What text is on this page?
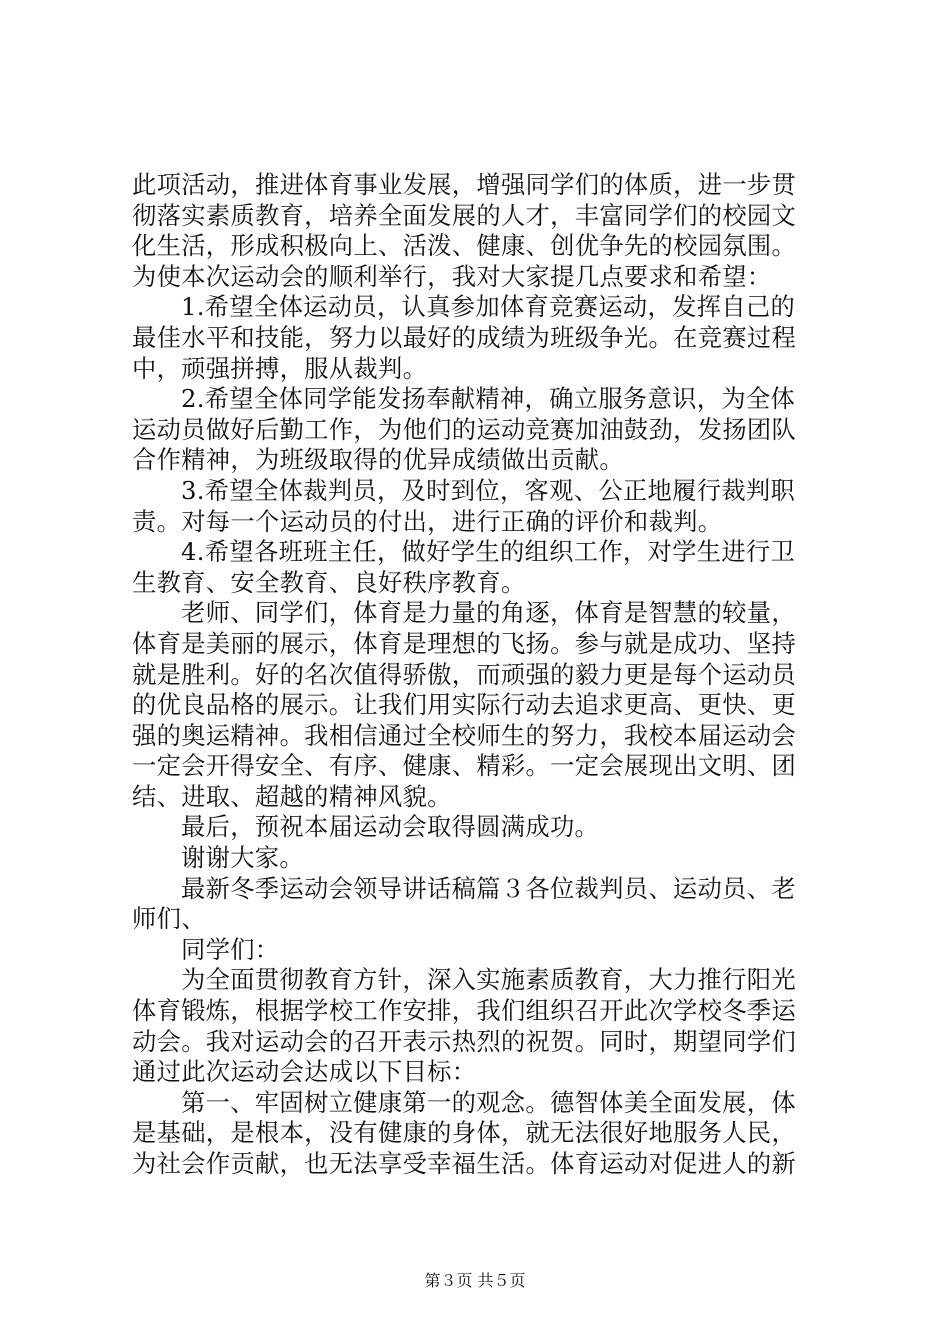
此项活动，推进体育事业发展，增强同学们的体质，进一步贯
彻落实素质教育，培养全面发展的人才，丰富同学们的校园文
化生活，形成积极向上、活泼、健康、创优争先的校园氛围。
为使本次运动会的顺利举行，我对大家提几点要求和希望：
1.希望全体运动员，认真参加体育竞赛运动，发挥自己的
最佳水平和技能，努力以最好的成绩为班级争光。在竞赛过程
中，顽强拼搏，服从裁判。
2.希望全体同学能发扬奉献精神，确立服务意识，为全体
运动员做好后勤工作，为他们的运动竞赛加油鼓劲，发扬团队
合作精神，为班级取得的优异成绩做出贡献。
3.希望全体裁判员，及时到位，客观、公正地履行裁判职
责。对每一个运动员的付出，进行正确的评价和裁判。
4.希望各班班主任，做好学生的组织工作，对学生进行卫
生教育、安全教育、良好秩序教育。
老师、同学们，体育是力量的角逐，体育是智慧的较量，
体育是美丽的展示，体育是理想的飞扬。参与就是成功、坚持
就是胜利。好的名次值得骄傲，而顽强的毅力更是每个运动员
的优良品格的展示。让我们用实际行动去追求更高、更快、更
强的奥运精神。我相信通过全校师生的努力，我校本届运动会
一定会开得安全、有序、健康、精彩。一定会展现出文明、团
结、进取、超越的精神风貌。
最后，预祝本届运动会取得圆满成功。
谢谢大家。
最新冬季运动会领导讲话稿篇３各位裁判员、运动员、老
师们、
同学们：
为全面贯彻教育方针，深入实施素质教育，大力推行阳光
体育锻炼，根据学校工作安排，我们组织召开此次学校冬季运
动会。我对运动会的召开表示热烈的祝贺。同时，期望同学们
通过此次运动会达成以下目标：
第一、牢固树立健康第一的观念。德智体美全面发展，体
是基础，是根本，没有健康的身体，就无法很好地服务人民，
为社会作贡献，也无法享受幸福生活。体育运动对促进人的新
第３页 共５页
